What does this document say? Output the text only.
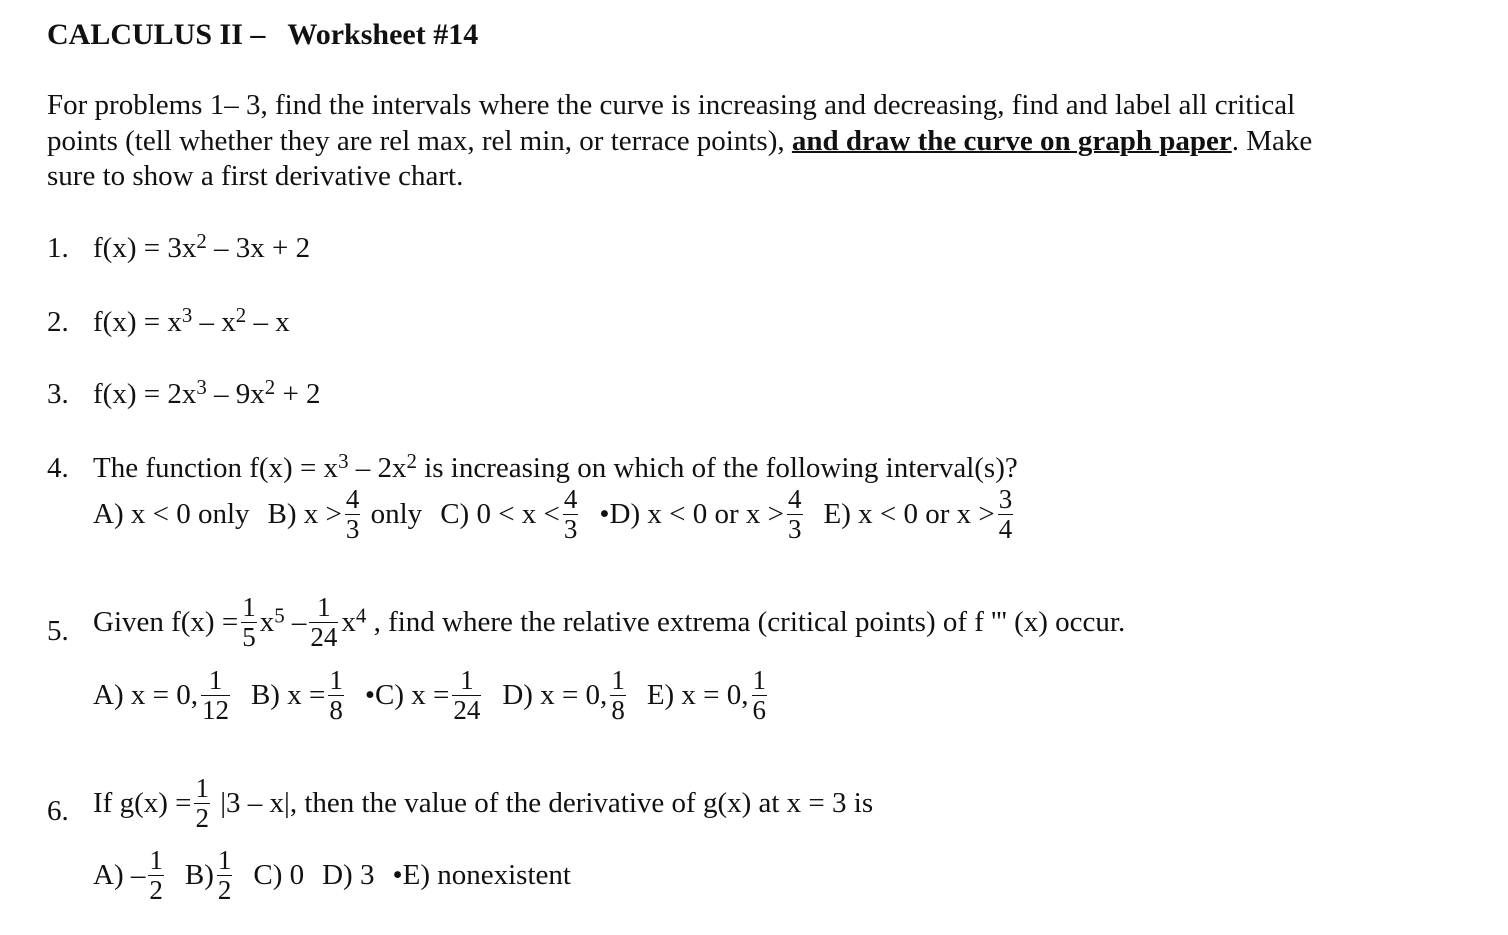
CALCULUS II – Worksheet #14
For problems 1– 3, find the intervals where the curve is increasing and decreasing, find and label all critical
points (tell whether they are rel max, rel min, or terrace points), and draw the curve on graph paper. Make
sure to show a first derivative chart.
1. $f(x) = 3x^2 - 3x + 2$
2. $f(x) = x^3 - x^2 - x$
3. $f(x) = 2x^3 - 9x^2 + 2$
4. The function $f(x) = x^3 - 2x^2$ is increasing on which of the following interval(s)?
A) x < 0 only B) $x > \frac{4}{3}$ only C) $0 < x < \frac{4}{3}$ •D) x < 0 or $x > \frac{4}{3} E$) x < 0 or $x > \frac{3}{4}$
5. Given $f(x) = \frac{1}{5} x^5 - \frac{1}{24} x^4$ , find where the relative extrema (critical points) of f ''' (x) occur.
A) x = 0, $\frac{1}{12} B$) $x = \frac{1}{8}$ •C) $x = \frac{1}{24} D$) x = 0, $\frac{1}{8} E$) x = 0, $\frac{1}{6}$
6. If $g(x) = \frac{1}{2} |3 - x|$, then the value of the derivative of g(x) at x = 3 is
$A) - \frac{1}{2} B) \frac{1}{2} C$) 0 D) 3 •E) nonexistent
